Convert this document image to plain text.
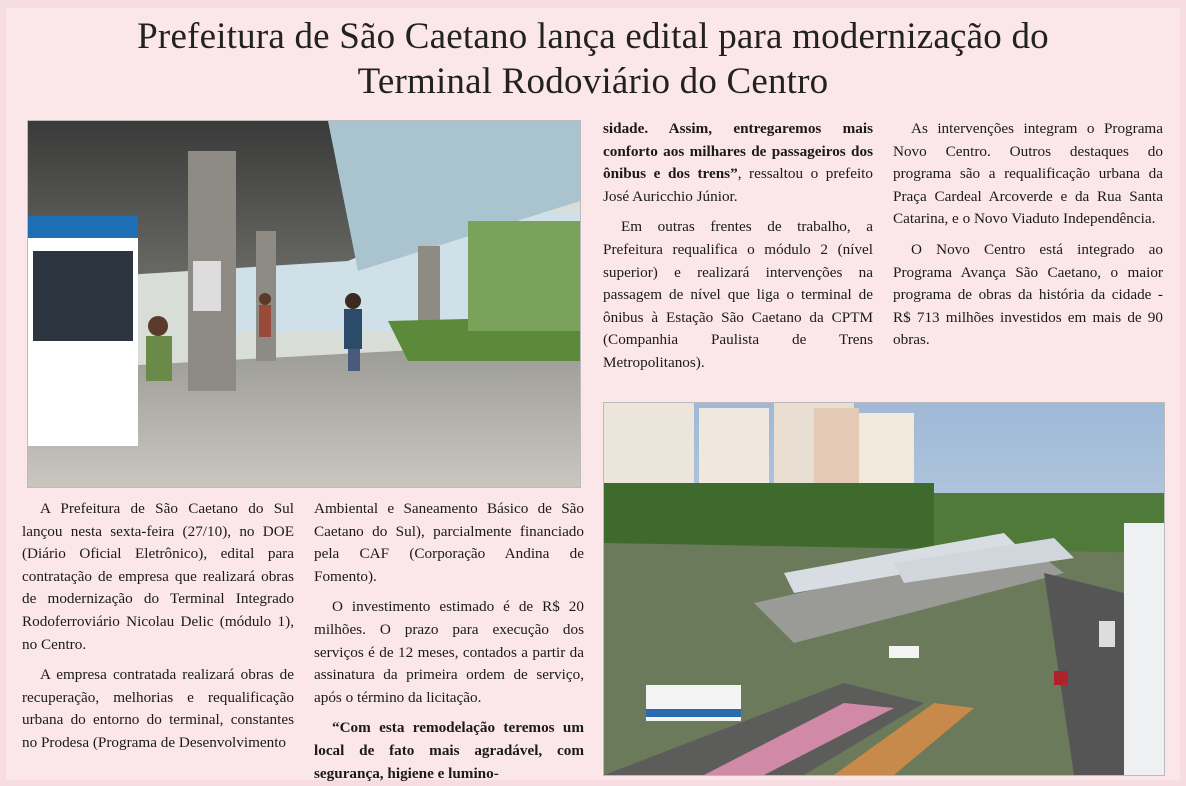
Prefeitura de São Caetano lança edital para modernização do
Terminal Rodoviário do Centro

A Prefeitura de São Caetano do Sul lançou nesta sexta-feira (27/10), no DOE (Diário Oficial Eletrônico), edital para contratação de empresa que realizará obras de modernização do Terminal Integrado Rodoferroviário Nicolau Delic (módulo 1), no Centro.

A empresa contratada realizará obras de recuperação, melhorias e requalificação urbana do entorno do terminal, constantes no Prodesa (Programa de Desenvolvimento

Ambiental e Saneamento Básico de São Caetano do Sul), parcialmente financiado pela CAF (Corporação Andina de Fomento).

O investimento estimado é de R$ 20 milhões. O prazo para execução dos serviços é de 12 meses, contados a partir da assinatura da primeira ordem de serviço, após o término da licitação.

“Com esta remodelação teremos um local de fato mais agradável, com segurança, higiene e lumino-

sidade. Assim, entregaremos mais conforto aos milhares de passageiros dos ônibus e dos trens”, ressaltou o prefeito José Auricchio Júnior.

Em outras frentes de trabalho, a Prefeitura requalifica o módulo 2 (nível superior) e realizará intervenções na passagem de nível que liga o terminal de ônibus à Estação São Caetano da CPTM (Companhia Paulista de Trens Metropolitanos).

As intervenções integram o Programa Novo Centro. Outros destaques do programa são a requalificação urbana da Praça Cardeal Arcoverde e da Rua Santa Catarina, e o Novo Viaduto Independência.

O Novo Centro está integrado ao Programa Avança São Caetano, o maior programa de obras da história da cidade - R$ 713 milhões investidos em mais de 90 obras.
